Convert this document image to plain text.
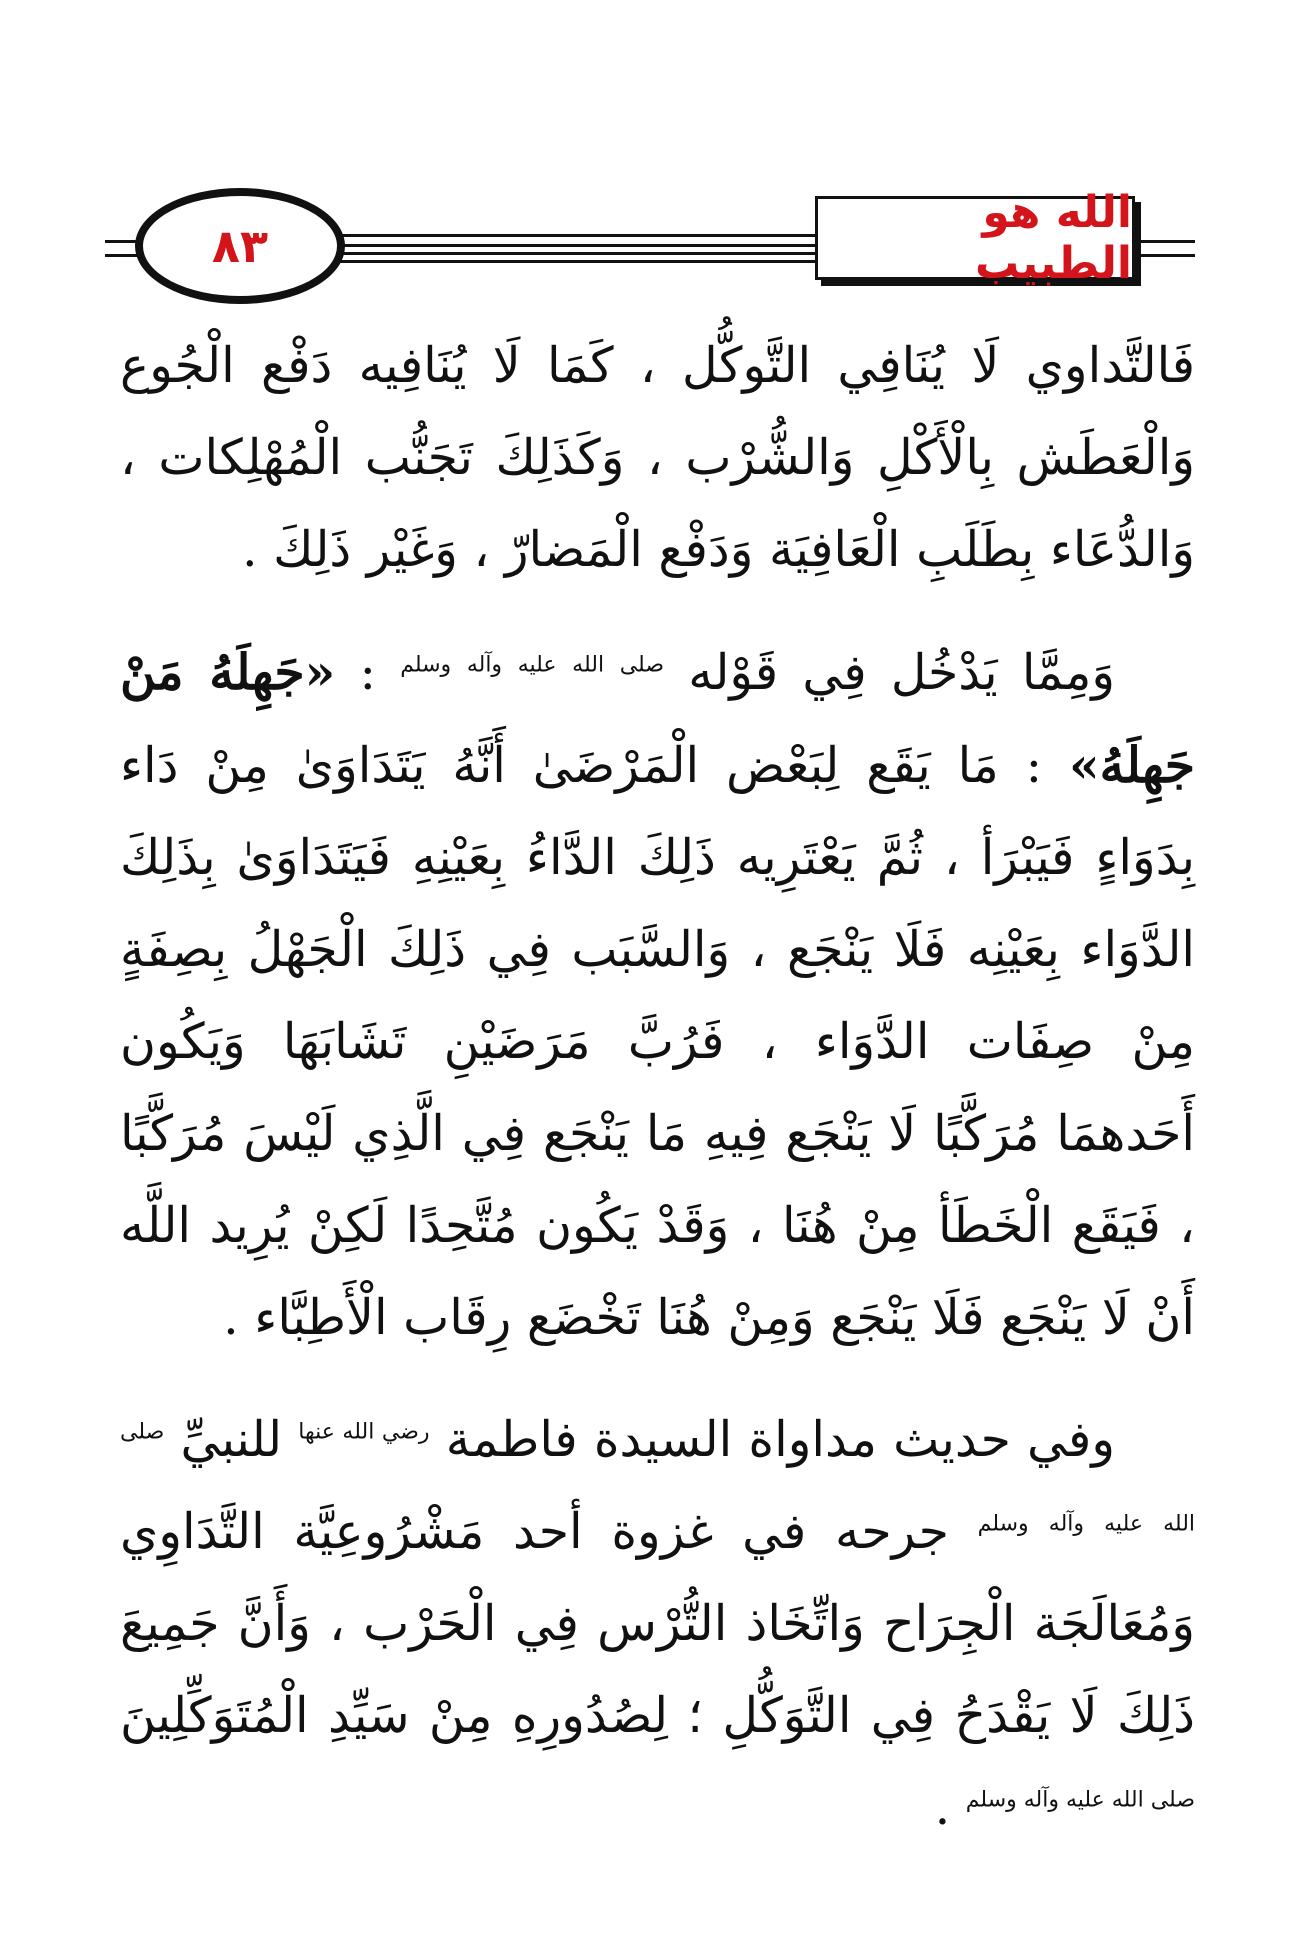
٨٣
الله هو الطبيب

فَالتَّداوي لَا يُنَافِي التَّوكُّل ، كَمَا لَا يُنَافِيه دَفْع الْجُوع وَالْعَطَش بِالْأَكْلِ وَالشُّرْب ، وَكَذَلِكَ تَجَنُّب الْمُهْلِكات ، وَالدُّعَاء بِطَلَبِ الْعَافِيَة وَدَفْع الْمَضارّ ، وَغَيْر ذَلِكَ .

وَمِمَّا يَدْخُل فِي قَوْله $^{صلى الله عليه وآله وسلم}$ : «جَهِلَهُ مَنْ جَهِلَهُ» : مَا يَقَع لِبَعْض الْمَرْضَىٰ أَنَّهُ يَتَدَاوَىٰ مِنْ دَاء بِدَوَاءٍ فَيَبْرَأ ، ثُمَّ يَعْتَرِيه ذَلِكَ الدَّاءُ بِعَيْنِهِ فَيَتَدَاوَىٰ بِذَلِكَ الدَّوَاء بِعَيْنِه فَلَا يَنْجَع ، وَالسَّبَب فِي ذَلِكَ الْجَهْلُ بِصِفَةٍ مِنْ صِفَات الدَّوَاء ، فَرُبَّ مَرَضَيْنِ تَشَابَهَا وَيَكُون أَحَدهمَا مُرَكَّبًا لَا يَنْجَع فِيهِ مَا يَنْجَع فِي الَّذِي لَيْسَ مُرَكَّبًا ، فَيَقَع الْخَطَأ مِنْ هُنَا ، وَقَدْ يَكُون مُتَّحِدًا لَكِنْ يُرِيد اللَّه أَنْ لَا يَنْجَع فَلَا يَنْجَع وَمِنْ هُنَا تَخْضَع رِقَاب الْأَطِبَّاء .

وفي حديث مداواة السيدة فاطمة $^{رضي الله عنها}$ للنبيِّ $^{صلى الله عليه وآله وسلم}$ جرحه في غزوة أحد مَشْرُوعِيَّة التَّدَاوِي وَمُعَالَجَة الْجِرَاح وَاتِّخَاذ التُّرْس فِي الْحَرْب ، وَأَنَّ جَمِيعَ ذَلِكَ لَا يَقْدَحُ فِي التَّوَكُّلِ ؛ لِصُدُورِهِ مِنْ سَيِّدِ الْمُتَوَكِّلِينَ $^{صلى الله عليه وآله وسلم}$ .
